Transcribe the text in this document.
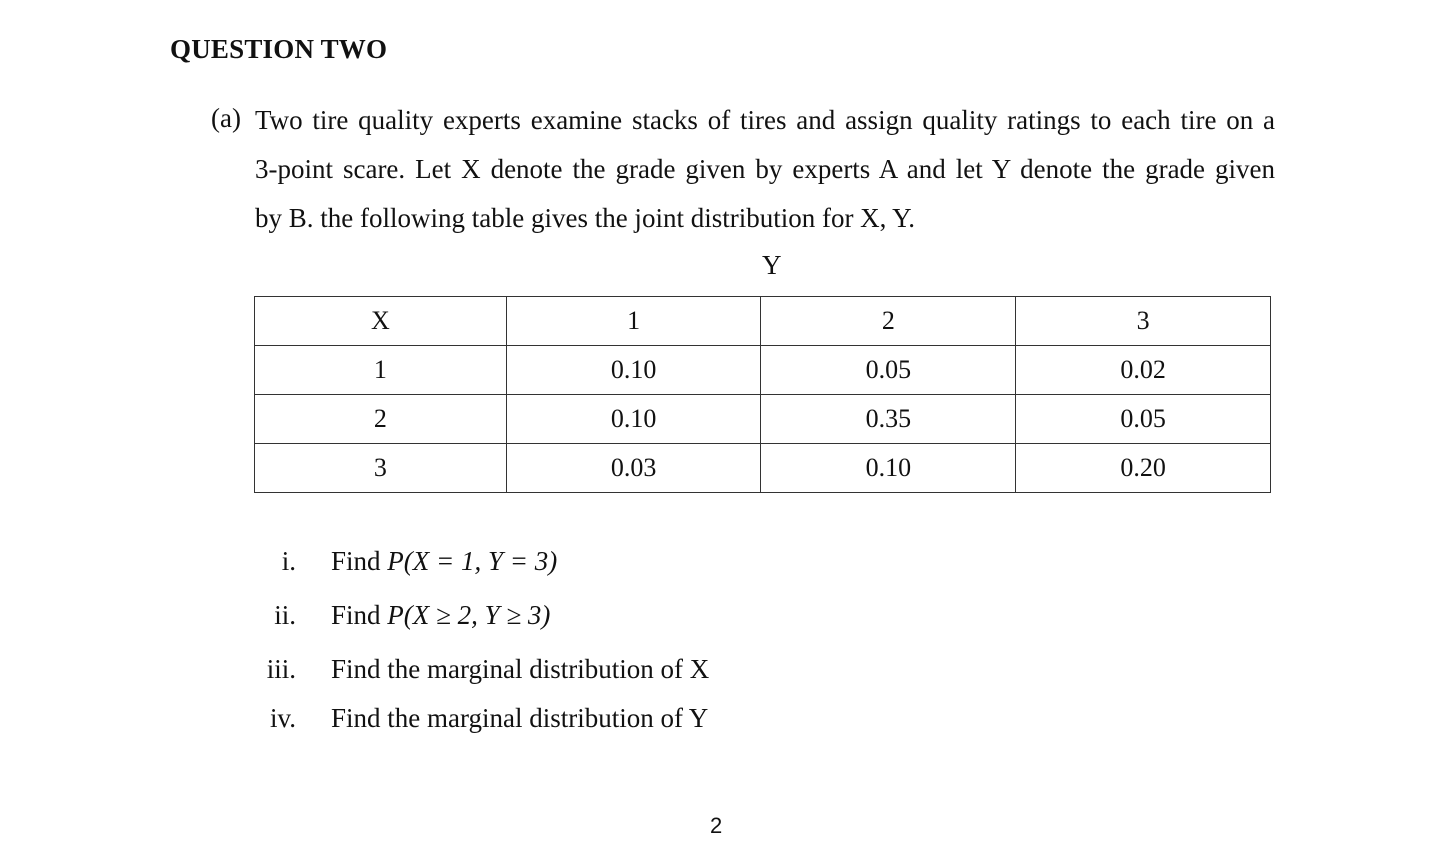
QUESTION TWO
(a) Two tire quality experts examine stacks of tires and assign quality ratings to each tire on a
3-point scare. Let X denote the grade given by experts A and let Y denote the grade given
by B. the following table gives the joint distribution for X, Y.
Y
X	1	2	3
1	0.10	0.05	0.02
2	0.10	0.35	0.05
3	0.03	0.10	0.20
i. Find P(X = 1, Y = 3)
ii. Find P(X ≥ 2, Y ≥ 3)
iii. Find the marginal distribution of X
iv. Find the marginal distribution of Y
2
